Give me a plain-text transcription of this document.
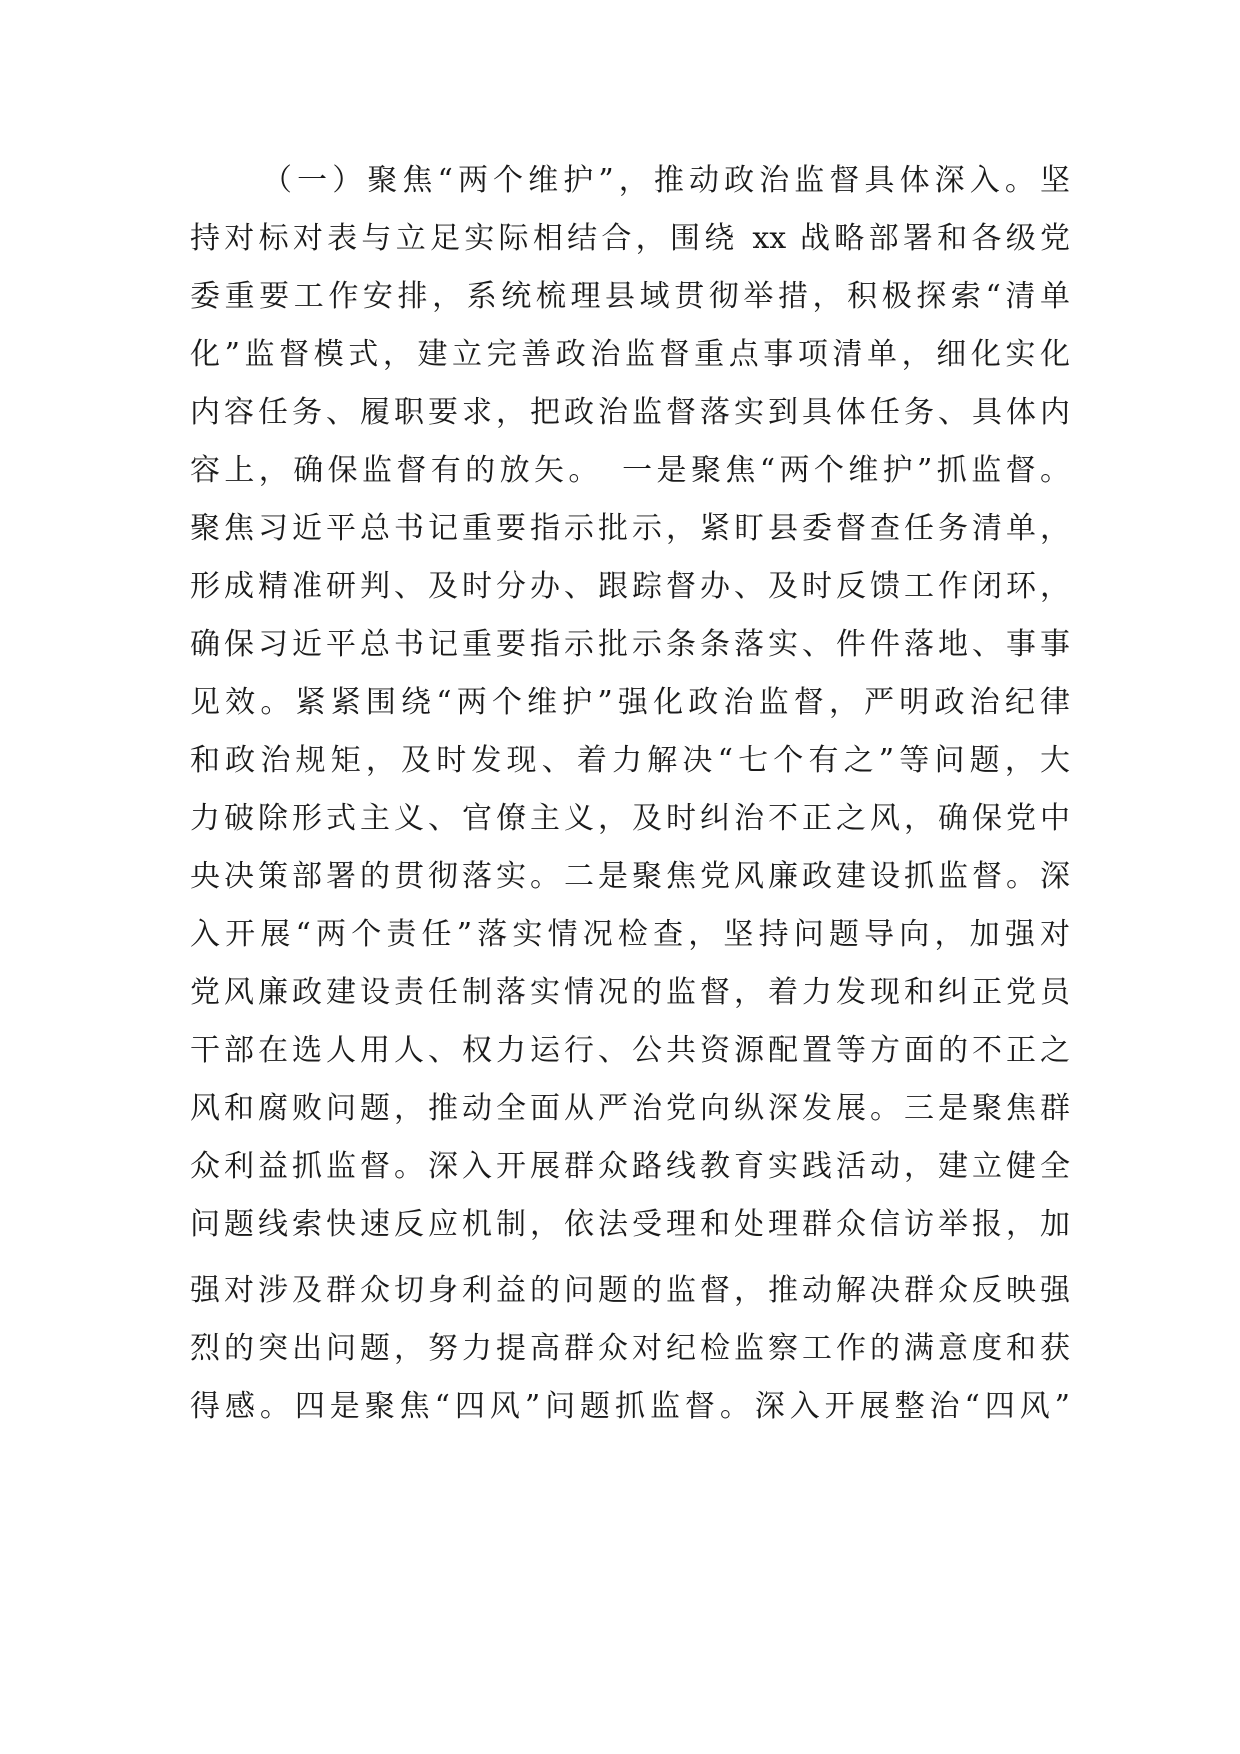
（一）聚焦“两个维护”，推动政治监督具体深入。坚
持对标对表与立足实际相结合，围绕 xx 战略部署和各级党
委重要工作安排，系统梳理县域贯彻举措，积极探索“清单
化”监督模式，建立完善政治监督重点事项清单，细化实化
内容任务、履职要求，把政治监督落实到具体任务、具体内
容上，确保监督有的放矢。　一是聚焦“两个维护”抓监督。
聚焦习近平总书记重要指示批示，紧盯县委督查任务清单，
形成精准研判、及时分办、跟踪督办、及时反馈工作闭环，
确保习近平总书记重要指示批示条条落实、件件落地、事事
见效。紧紧围绕“两个维护”强化政治监督，严明政治纪律
和政治规矩，及时发现、着力解决“七个有之”等问题，大
力破除形式主义、官僚主义，及时纠治不正之风，确保党中
央决策部署的贯彻落实。二是聚焦党风廉政建设抓监督。深
入开展“两个责任”落实情况检查，坚持问题导向，加强对
党风廉政建设责任制落实情况的监督，着力发现和纠正党员
干部在选人用人、权力运行、公共资源配置等方面的不正之
风和腐败问题，推动全面从严治党向纵深发展。三是聚焦群
众利益抓监督。深入开展群众路线教育实践活动，建立健全
问题线索快速反应机制，依法受理和处理群众信访举报，加
强对涉及群众切身利益的问题的监督，推动解决群众反映强
烈的突出问题，努力提高群众对纪检监察工作的满意度和获
得感。四是聚焦“四风”问题抓监督。深入开展整治“四风”
